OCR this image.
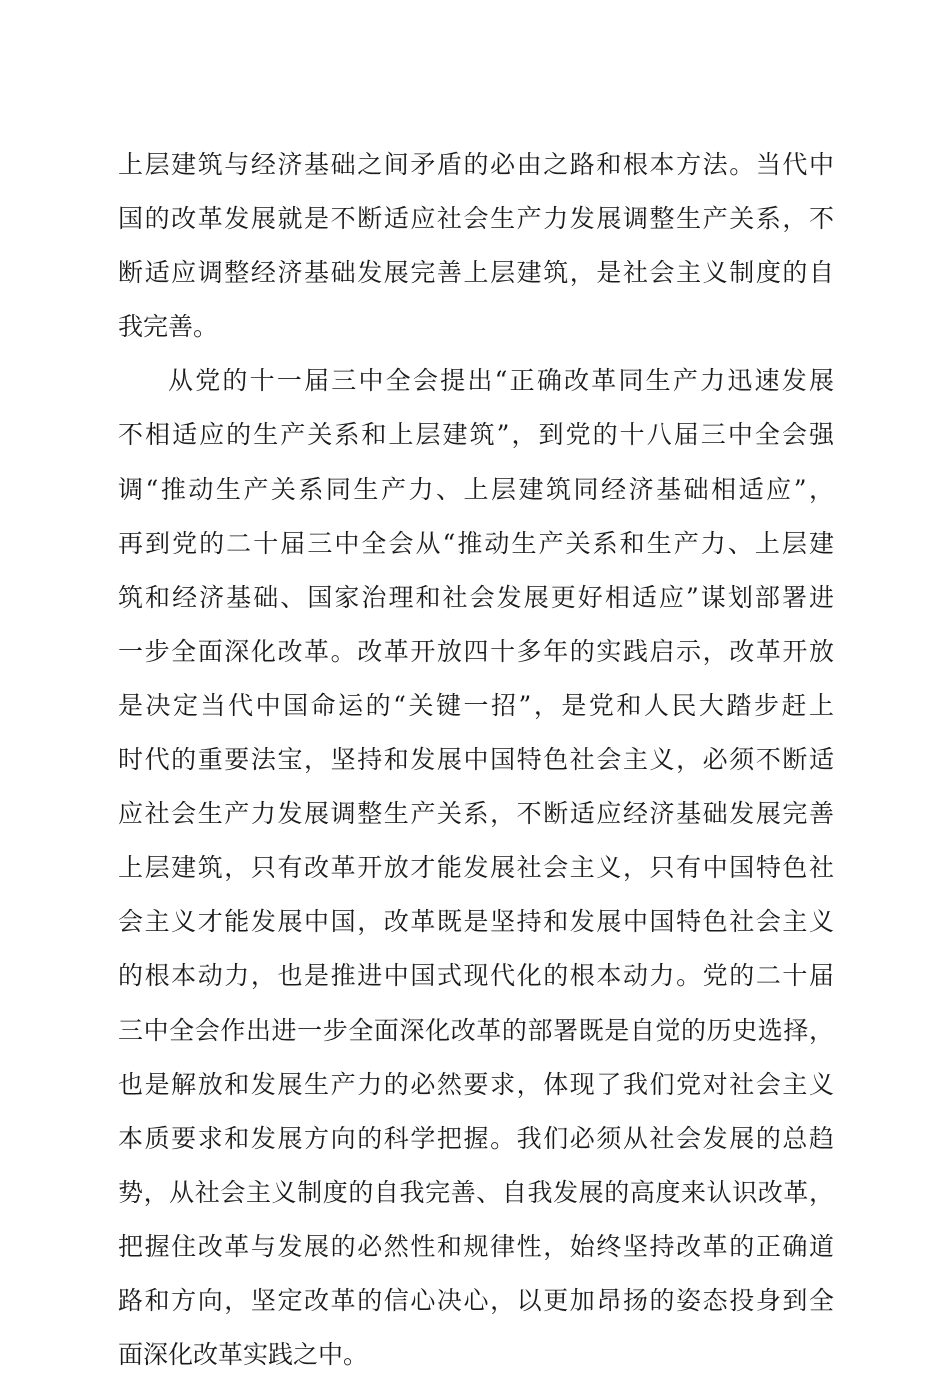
上层建筑与经济基础之间矛盾的必由之路和根本方法。当代中
国的改革发展就是不断适应社会生产力发展调整生产关系，不
断适应调整经济基础发展完善上层建筑，是社会主义制度的自
我完善。
从党的十一届三中全会提出“正确改革同生产力迅速发展
不相适应的生产关系和上层建筑”，到党的十八届三中全会强
调“推动生产关系同生产力、上层建筑同经济基础相适应”，
再到党的二十届三中全会从“推动生产关系和生产力、上层建
筑和经济基础、国家治理和社会发展更好相适应”谋划部署进
一步全面深化改革。改革开放四十多年的实践启示，改革开放
是决定当代中国命运的“关键一招”，是党和人民大踏步赶上
时代的重要法宝，坚持和发展中国特色社会主义，必须不断适
应社会生产力发展调整生产关系，不断适应经济基础发展完善
上层建筑，只有改革开放才能发展社会主义，只有中国特色社
会主义才能发展中国，改革既是坚持和发展中国特色社会主义
的根本动力，也是推进中国式现代化的根本动力。党的二十届
三中全会作出进一步全面深化改革的部署既是自觉的历史选择，
也是解放和发展生产力的必然要求，体现了我们党对社会主义
本质要求和发展方向的科学把握。我们必须从社会发展的总趋
势，从社会主义制度的自我完善、自我发展的高度来认识改革，
把握住改革与发展的必然性和规律性，始终坚持改革的正确道
路和方向，坚定改革的信心决心，以更加昂扬的姿态投身到全
面深化改革实践之中。
